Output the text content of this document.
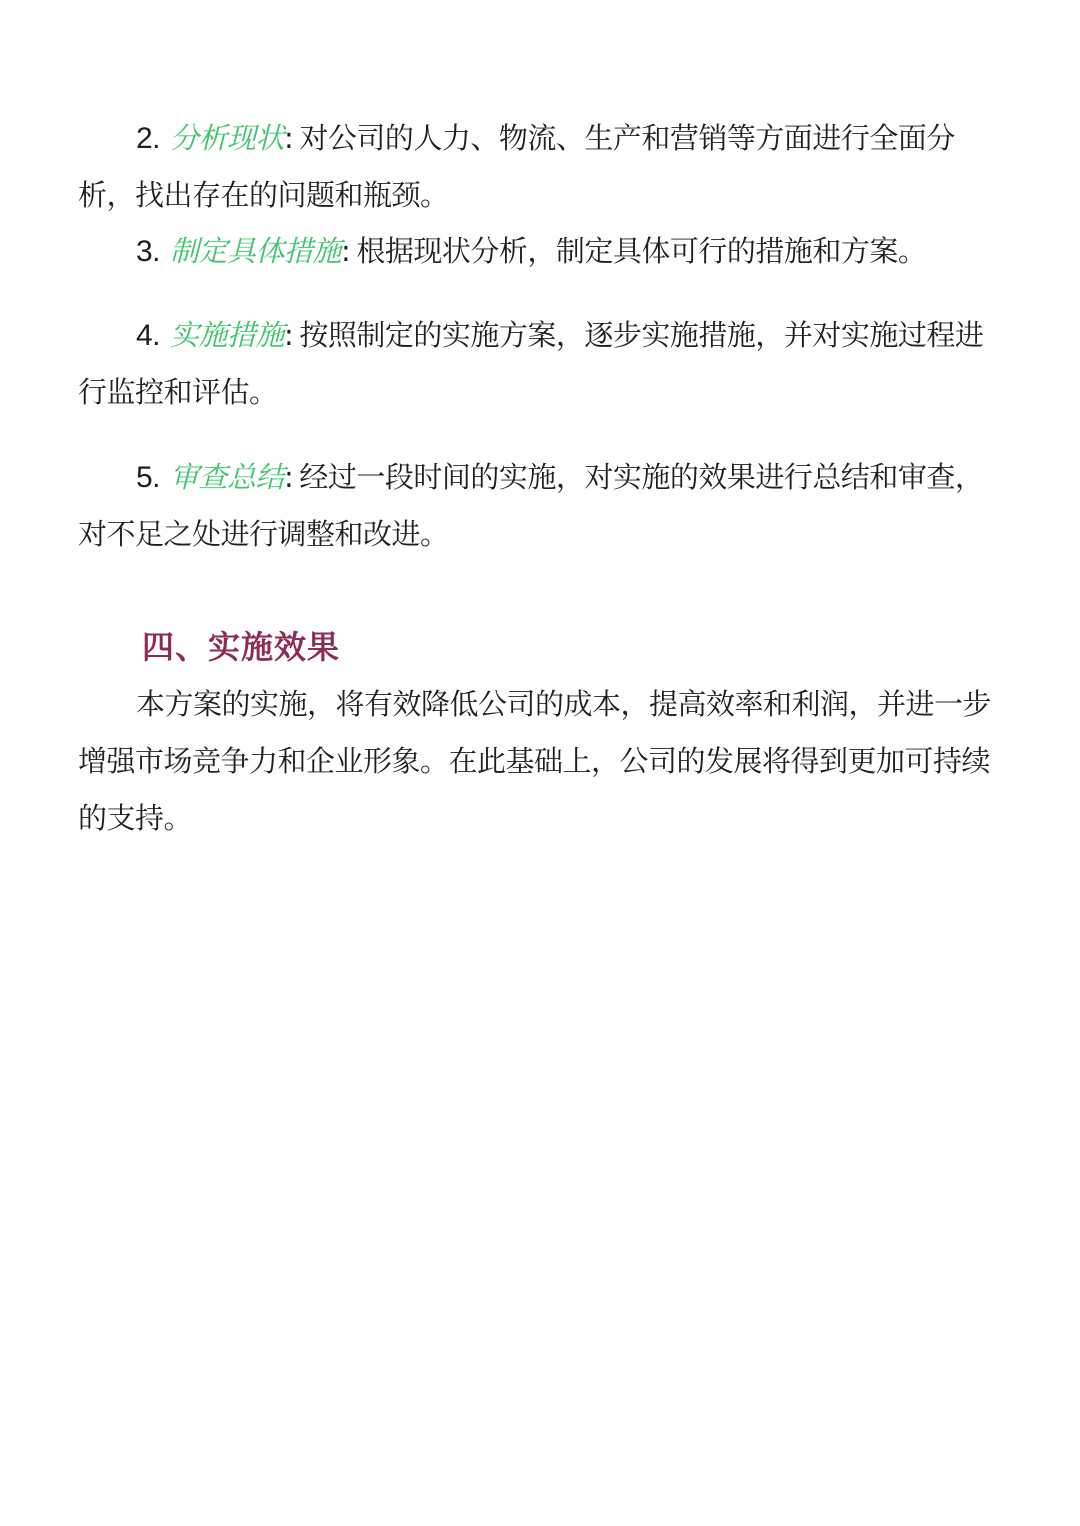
2. 分析现状: 对公司的人力、物流、生产和营销等方面进行全面分析，找出存在的问题和瓶颈。

3. 制定具体措施: 根据现状分析，制定具体可行的措施和方案。

4. 实施措施: 按照制定的实施方案，逐步实施措施，并对实施过程进行监控和评估。

5. 审查总结: 经过一段时间的实施，对实施的效果进行总结和审查，对不足之处进行调整和改进。

四、实施效果

本方案的实施，将有效降低公司的成本，提高效率和利润，并进一步增强市场竞争力和企业形象。在此基础上，公司的发展将得到更加可持续的支持。
